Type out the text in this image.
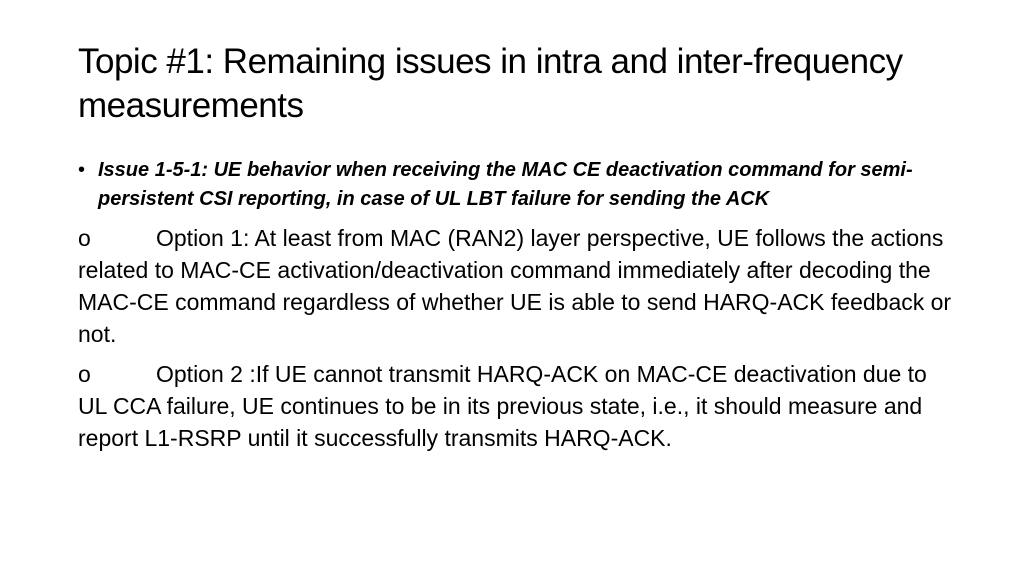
Topic #1: Remaining issues in intra and inter-frequency measurements
• Issue 1-5-1: UE behavior when receiving the MAC CE deactivation command for semi-persistent CSI reporting, in case of UL LBT failure for sending the ACK
o	Option 1: At least from MAC (RAN2) layer perspective, UE follows the actions related to MAC-CE activation/deactivation command immediately after decoding the MAC-CE command regardless of whether UE is able to send HARQ-ACK feedback or not.
o	Option 2 :If UE cannot transmit HARQ-ACK on MAC-CE deactivation due to UL CCA failure, UE continues to be in its previous state, i.e., it should measure and report L1-RSRP until it successfully transmits HARQ-ACK.
